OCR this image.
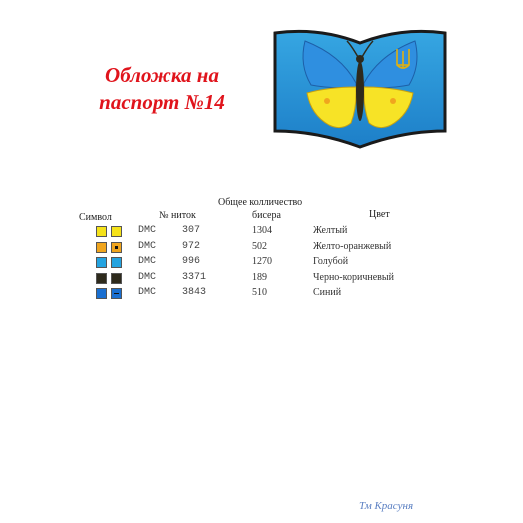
Обложка на паспорт №14
Общее колличество
Символ	№ ниток	бисера	Цвет
DMC	307	1304	Желтый
DMC	972	502	Желто-оранжевый
DMC	996	1270	Голубой
DMC	3371	189	Черно-коричневый
DMC	3843	510	Синий
Тм Красуня
